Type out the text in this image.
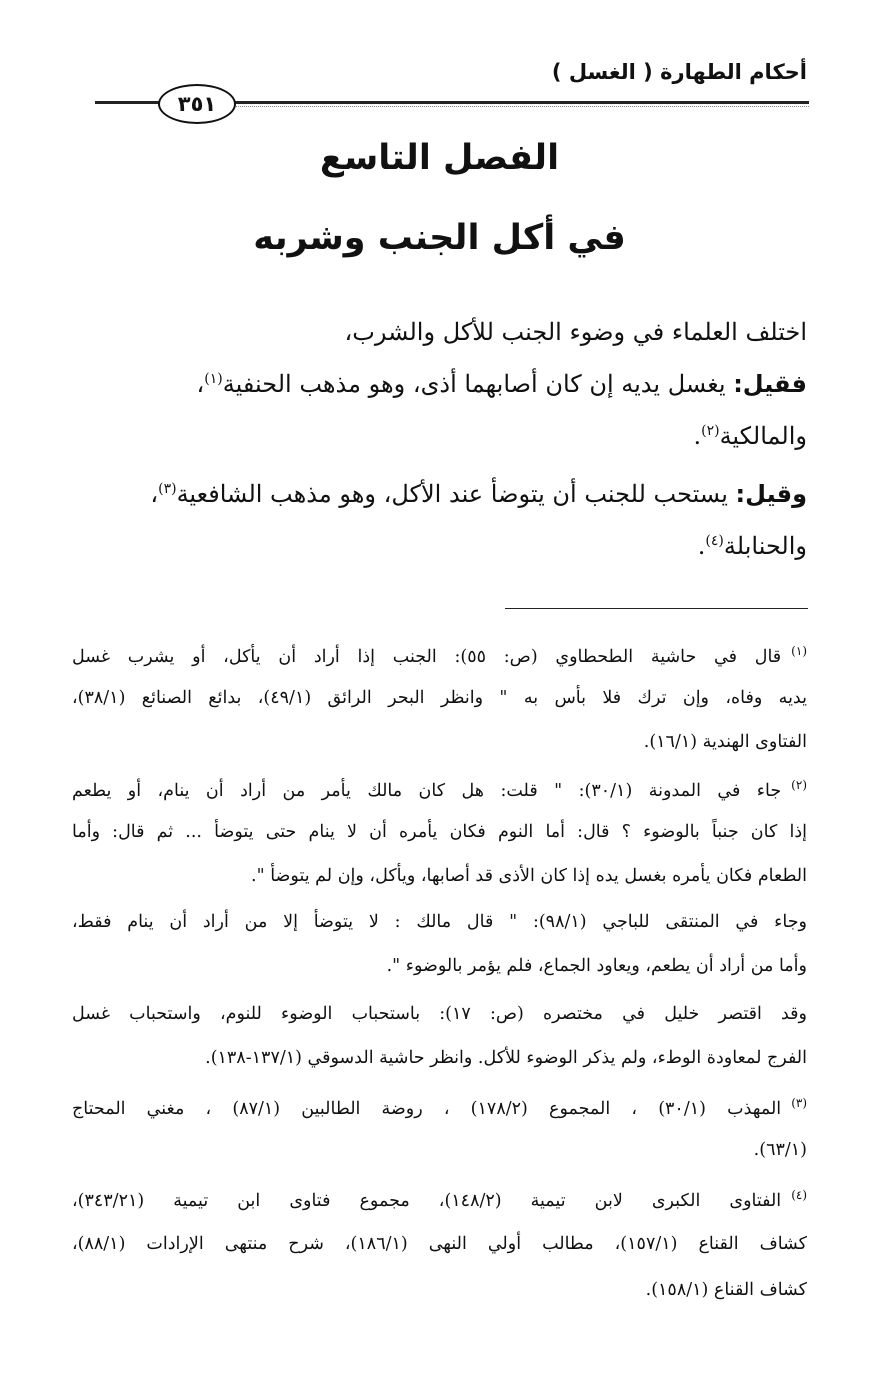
أحكام الطهارة ( الغسل )
٣٥١
الفصل التاسع
في أكل الجنب وشربه
اختلف العلماء في وضوء الجنب للأكل والشرب،
فقيل: يغسل يديه إن كان أصابهما أذى، وهو مذهب الحنفية$^{(١)}$،
والمالكية$^{(٢)}$.
وقيل: يستحب للجنب أن يتوضأ عند الأكل، وهو مذهب الشافعية$^{(٣)}$،
والحنابلة$^{(٤)}$.
$^{(١)}$قال في حاشية الطحطاوي (ص: ٥٥): الجنب إذا أراد أن يأكل، أو يشرب غسل
يديه وفاه، وإن ترك فلا بأس به " وانظر البحر الرائق (٤٩/١)، بدائع الصنائع (٣٨/١)،
الفتاوى الهندية (١٦/١).
$^{(٢)}$جاء في المدونة (٣٠/١): " قلت: هل كان مالك يأمر من أراد أن ينام، أو يطعم
إذا كان جنباً بالوضوء ؟ قال: أما النوم فكان يأمره أن لا ينام حتى يتوضأ ... ثم قال: وأما
الطعام فكان يأمره بغسل يده إذا كان الأذى قد أصابها، ويأكل، وإن لم يتوضأ ".
وجاء في المنتقى للباجي (٩٨/١): " قال مالك : لا يتوضأ إلا من أراد أن ينام فقط،
وأما من أراد أن يطعم، ويعاود الجماع، فلم يؤمر بالوضوء ".
وقد اقتصر خليل في مختصره (ص: ١٧): باستحباب الوضوء للنوم، واستحباب غسل
الفرج لمعاودة الوطء، ولم يذكر الوضوء للأكل. وانظر حاشية الدسوقي (١٣٧/١-١٣٨).
$^{(٣)}$المهذب (٣٠/١) ، المجموع (١٧٨/٢) ، روضة الطالبين (٨٧/١) ، مغني المحتاج
(٦٣/١).
$^{(٤)}$الفتاوى الكبرى لابن تيمية (١٤٨/٢)، مجموع فتاوى ابن تيمية (٣٤٣/٢١)،
كشاف القناع (١٥٧/١)، مطالب أولي النهى (١٨٦/١)، شرح منتهى الإرادات (٨٨/١)،
كشاف القناع (١٥٨/١).
